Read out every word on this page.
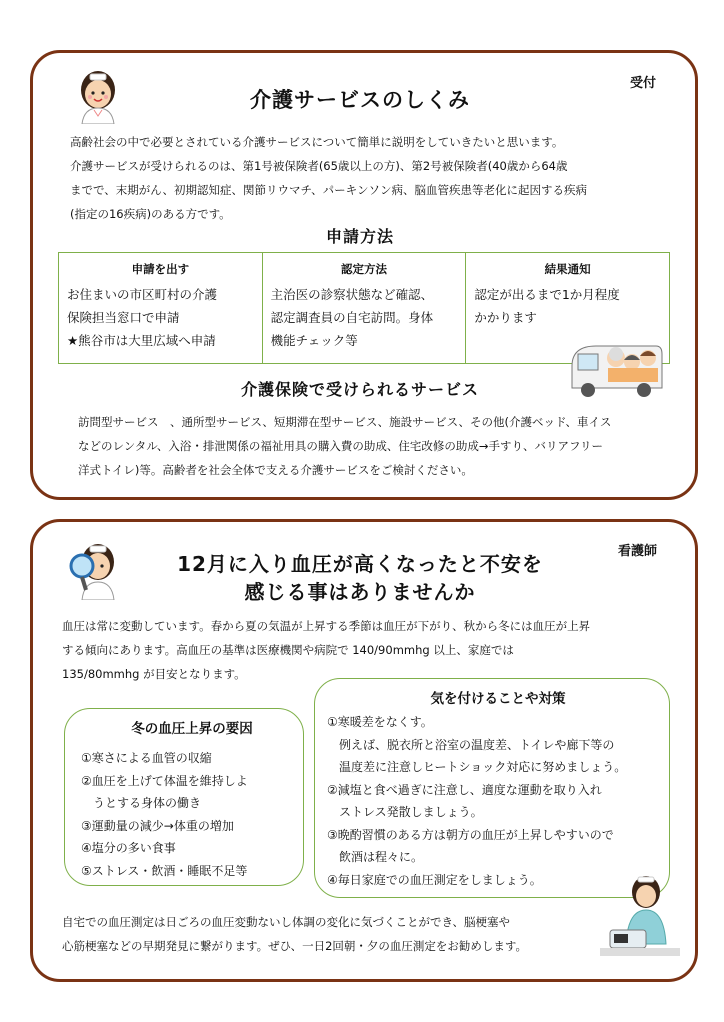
受付
介護サービスのしくみ
高齢社会の中で必要とされている介護サービスについて簡単に説明をしていきたいと思います。
介護サービスが受けられるのは、第1号被保険者(65歳以上の方)、第2号被保険者(40歳から64歳
までで、末期がん、初期認知症、関節リウマチ、パーキンソン病、脳血管疾患等老化に起因する疾病
(指定の16疾病)のある方です。
申請方法
申請を出す
お住まいの市区町村の介護
保険担当窓口で申請
★熊谷市は大里広域へ申請
認定方法
主治医の診察状態など確認、
認定調査員の自宅訪問。身体
機能チェック等
結果通知
認定が出るまで1か月程度
かかります
介護保険で受けられるサービス
訪問型サービス　、通所型サービス、短期滞在型サービス、施設サービス、その他(介護ベッド、車イス
などのレンタル、入浴・排泄関係の福祉用具の購入費の助成、住宅改修の助成→手すり、バリアフリー
洋式トイレ)等。高齢者を社会全体で支える介護サービスをご検討ください。
看護師
12月に入り血圧が高くなったと不安を
感じる事はありませんか
血圧は常に変動しています。春から夏の気温が上昇する季節は血圧が下がり、秋から冬には血圧が上昇
する傾向にあります。高血圧の基準は医療機関や病院で 140/90mmhg 以上、家庭では
135/80mmhg が目安となります。
冬の血圧上昇の要因
①寒さによる血管の収縮
②血圧を上げて体温を維持しよ
　うとする身体の働き
③運動量の減少→体重の増加
④塩分の多い食事
⑤ストレス・飲酒・睡眠不足等
気を付けることや対策
①寒暖差をなくす。
　例えば、脱衣所と浴室の温度差、トイレや廊下等の
　温度差に注意しヒートショック対応に努めましょう。
②減塩と食べ過ぎに注意し、適度な運動を取り入れ
　ストレス発散しましょう。
③晩酌習慣のある方は朝方の血圧が上昇しやすいので
　飲酒は程々に。
④毎日家庭での血圧測定をしましょう。
自宅での血圧測定は日ごろの血圧変動ないし体調の変化に気づくことができ、脳梗塞や
心筋梗塞などの早期発見に繋がります。ぜひ、一日2回朝・夕の血圧測定をお勧めします。
